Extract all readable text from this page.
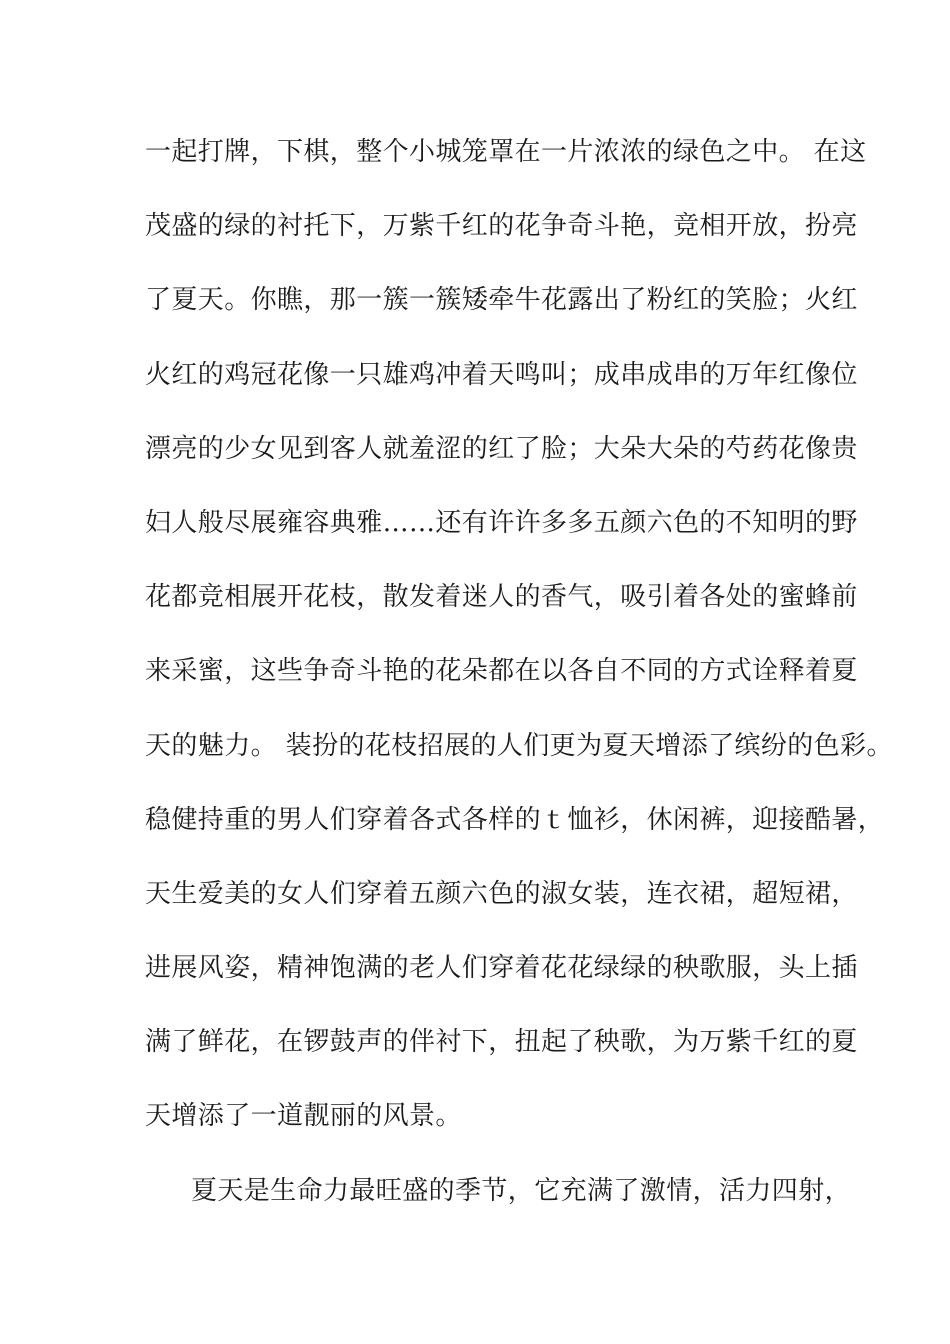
一起打牌，下棋，整个小城笼罩在一片浓浓的绿色之中。 在这
茂盛的绿的衬托下，万紫千红的花争奇斗艳，竞相开放，扮亮
了夏天。你瞧，那一簇一簇矮牵牛花露出了粉红的笑脸；火红
火红的鸡冠花像一只雄鸡冲着天鸣叫；成串成串的万年红像位
漂亮的少女见到客人就羞涩的红了脸；大朵大朵的芍药花像贵
妇人般尽展雍容典雅……还有许许多多五颜六色的不知明的野
花都竞相展开花枝，散发着迷人的香气，吸引着各处的蜜蜂前
来采蜜，这些争奇斗艳的花朵都在以各自不同的方式诠释着夏
天的魅力。 装扮的花枝招展的人们更为夏天增添了缤纷的色彩。
稳健持重的男人们穿着各式各样的ｔ恤衫，休闲裤，迎接酷暑，
天生爱美的女人们穿着五颜六色的淑女装，连衣裙，超短裙，
进展风姿，精神饱满的老人们穿着花花绿绿的秧歌服，头上插
满了鲜花，在锣鼓声的伴衬下，扭起了秧歌，为万紫千红的夏
天增添了一道靓丽的风景。
夏天是生命力最旺盛的季节，它充满了激情，活力四射，
